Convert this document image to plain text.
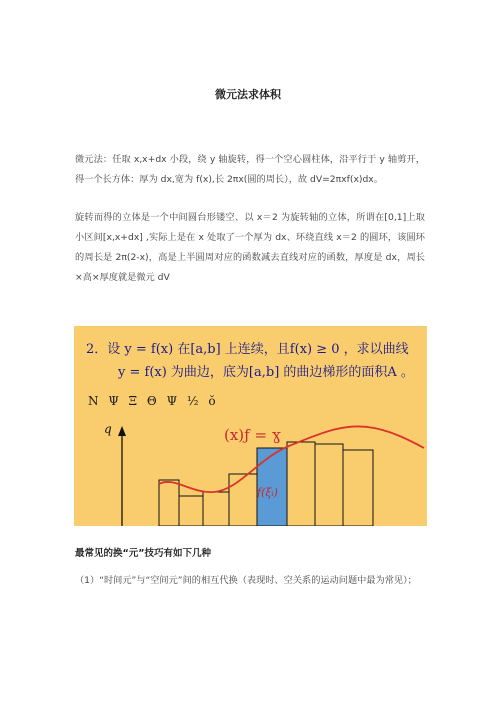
微元法求体积
微元法：任取 x,x+dx 小段，绕 y 轴旋转，得一个空心圆柱体，沿平行于 y 轴剪开，得一个长方体：厚为 dx,宽为 f(x),长 2πx(圆的周长），故 dV=2πxf(x)dx。
旋转而得的立体是一个中间圆台形镂空、以 x＝2 为旋转轴的立体，所谓在[0,1]上取小区间[x,x+dx] ,实际上是在 x 处取了一个厚为 dx、环绕直线 x＝2 的圆环，该圆环的周长是 2π(2-x)，高是上半圆周对应的函数减去直线对应的函数，厚度是 dx，周长×高×厚度就是微元 dV
2．设 y = f(x) 在[a,b] 上连续，且f(x) ≥ 0 ，求以曲线
y = f(x) 为曲边，底为[a,b] 的曲边梯形的面积A 。
N Ψ Ξ Θ Ψ ½ ŏ
q	(x)ƒ = ɣ
f(ξᵢ)
最常见的换“元”技巧有如下几种
（1）“时间元”与“空间元”间的相互代换（表现时、空关系的运动问题中最为常见）；
